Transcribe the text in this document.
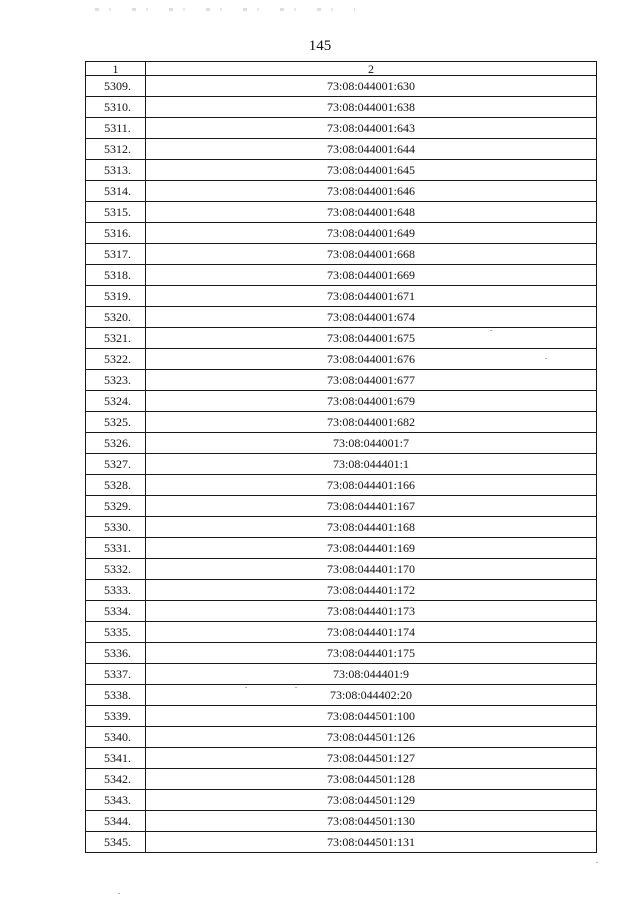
145
1	2
5309.	73:08:044001:630
5310.	73:08:044001:638
5311.	73:08:044001:643
5312.	73:08:044001:644
5313.	73:08:044001:645
5314.	73:08:044001:646
5315.	73:08:044001:648
5316.	73:08:044001:649
5317.	73:08:044001:668
5318.	73:08:044001:669
5319.	73:08:044001:671
5320.	73:08:044001:674
5321.	73:08:044001:675
5322.	73:08:044001:676
5323.	73:08:044001:677
5324.	73:08:044001:679
5325.	73:08:044001:682
5326.	73:08:044001:7
5327.	73:08:044401:1
5328.	73:08:044401:166
5329.	73:08:044401:167
5330.	73:08:044401:168
5331.	73:08:044401:169
5332.	73:08:044401:170
5333.	73:08:044401:172
5334.	73:08:044401:173
5335.	73:08:044401:174
5336.	73:08:044401:175
5337.	73:08:044401:9
5338.	73:08:044402:20
5339.	73:08:044501:100
5340.	73:08:044501:126
5341.	73:08:044501:127
5342.	73:08:044501:128
5343.	73:08:044501:129
5344.	73:08:044501:130
5345.	73:08:044501:131
